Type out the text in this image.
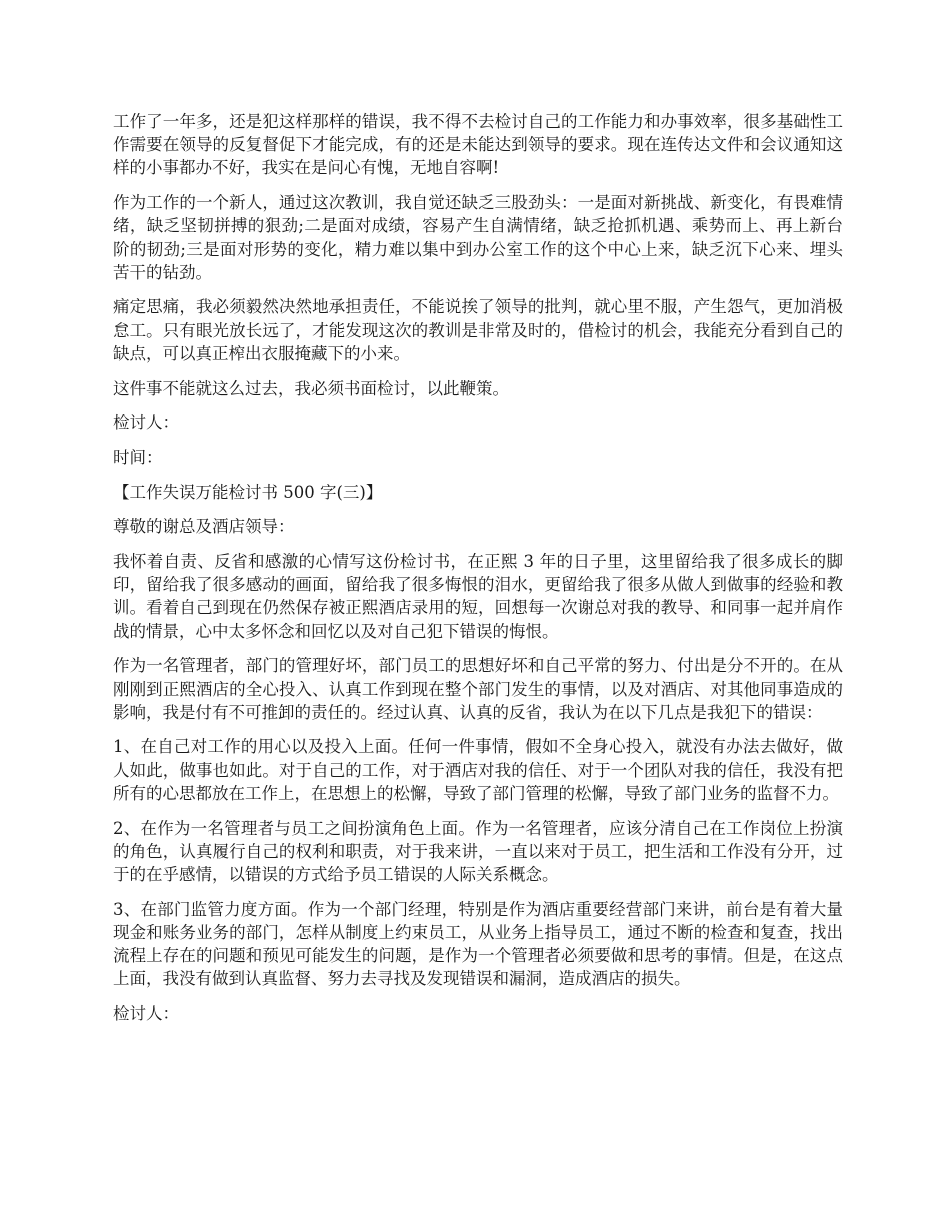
工作了一年多，还是犯这样那样的错误，我不得不去检讨自己的工作能力和办事效率，很多基础性工作需要在领导的反复督促下才能完成，有的还是未能达到领导的要求。现在连传达文件和会议通知这样的小事都办不好，我实在是问心有愧，无地自容啊!

作为工作的一个新人，通过这次教训，我自觉还缺乏三股劲头：一是面对新挑战、新变化，有畏难情绪，缺乏坚韧拼搏的狠劲;二是面对成绩，容易产生自满情绪，缺乏抢抓机遇、乘势而上、再上新台阶的韧劲;三是面对形势的变化，精力难以集中到办公室工作的这个中心上来，缺乏沉下心来、埋头苦干的钻劲。

痛定思痛，我必须毅然决然地承担责任，不能说挨了领导的批判，就心里不服，产生怨气，更加消极怠工。只有眼光放长远了，才能发现这次的教训是非常及时的，借检讨的机会，我能充分看到自己的缺点，可以真正榨出衣服掩藏下的小来。

这件事不能就这么过去，我必须书面检讨，以此鞭策。

检讨人：

时间：

【工作失误万能检讨书 500 字(三)】

尊敬的谢总及酒店领导：

我怀着自责、反省和感激的心情写这份检讨书，在正熙 3 年的日子里，这里留给我了很多成长的脚印，留给我了很多感动的画面，留给我了很多悔恨的泪水，更留给我了很多从做人到做事的经验和教训。看着自己到现在仍然保存被正熙酒店录用的短，回想每一次谢总对我的教导、和同事一起并肩作战的情景，心中太多怀念和回忆以及对自己犯下错误的悔恨。

作为一名管理者，部门的管理好坏，部门员工的思想好坏和自己平常的努力、付出是分不开的。在从刚刚到正熙酒店的全心投入、认真工作到现在整个部门发生的事情，以及对酒店、对其他同事造成的影响，我是付有不可推卸的责任的。经过认真、认真的反省，我认为在以下几点是我犯下的错误：

1、在自己对工作的用心以及投入上面。任何一件事情，假如不全身心投入，就没有办法去做好，做人如此，做事也如此。对于自己的工作，对于酒店对我的信任、对于一个团队对我的信任，我没有把所有的心思都放在工作上，在思想上的松懈，导致了部门管理的松懈，导致了部门业务的监督不力。

2、在作为一名管理者与员工之间扮演角色上面。作为一名管理者，应该分清自己在工作岗位上扮演的角色，认真履行自己的权利和职责，对于我来讲，一直以来对于员工，把生活和工作没有分开，过于的在乎感情，以错误的方式给予员工错误的人际关系概念。

3、在部门监管力度方面。作为一个部门经理，特别是作为酒店重要经营部门来讲，前台是有着大量现金和账务业务的部门，怎样从制度上约束员工，从业务上指导员工，通过不断的检查和复查，找出流程上存在的问题和预见可能发生的问题，是作为一个管理者必须要做和思考的事情。但是，在这点上面，我没有做到认真监督、努力去寻找及发现错误和漏洞，造成酒店的损失。

检讨人：
